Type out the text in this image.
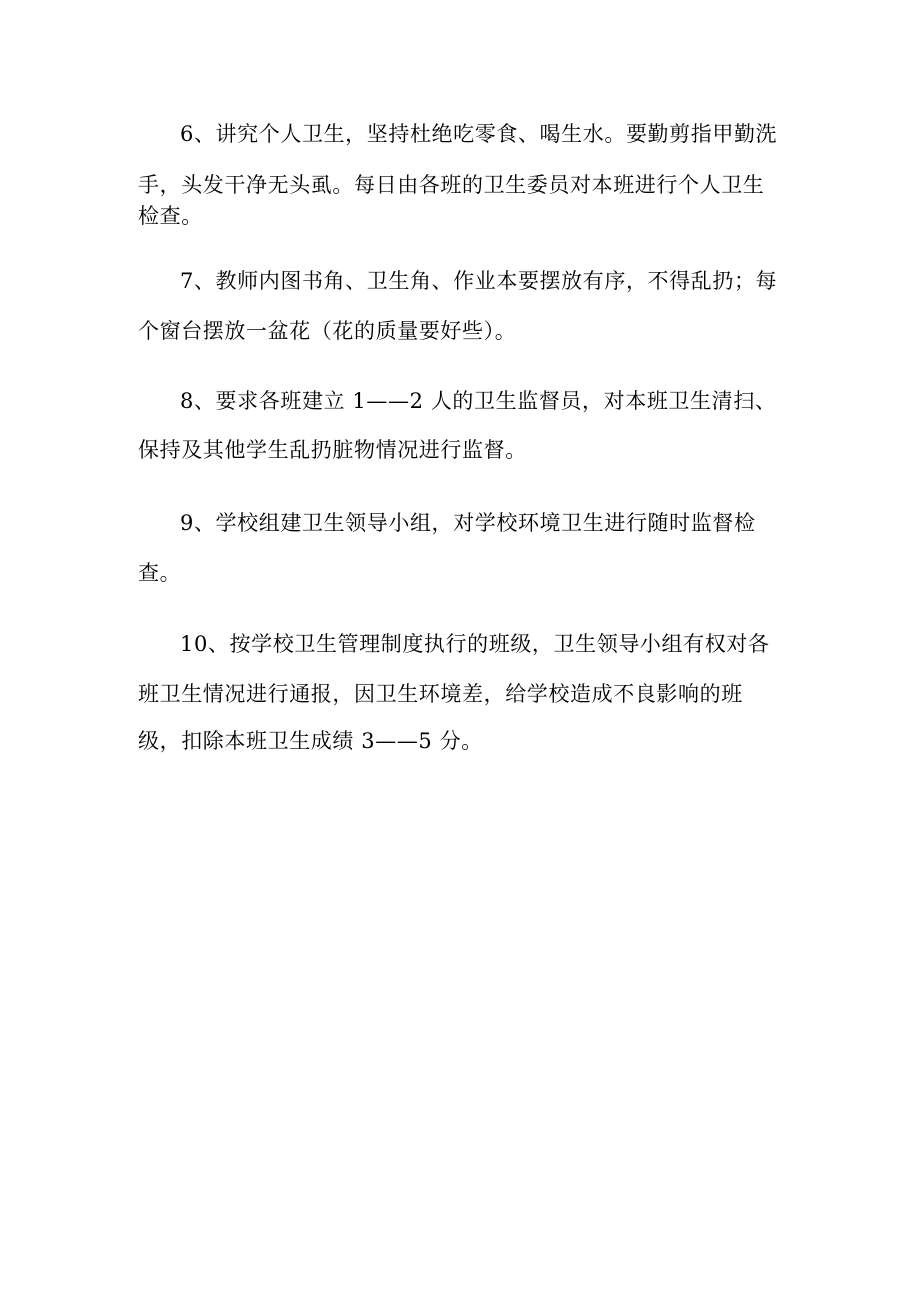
6、讲究个人卫生，坚持杜绝吃零食、喝生水。要勤剪指甲勤洗
手，头发干净无头虱。每日由各班的卫生委员对本班进行个人卫生
检查。
7、教师内图书角、卫生角、作业本要摆放有序，不得乱扔；每
个窗台摆放一盆花（花的质量要好些）。
8、要求各班建立 1——2 人的卫生监督员，对本班卫生清扫、
保持及其他学生乱扔脏物情况进行监督。
9、学校组建卫生领导小组，对学校环境卫生进行随时监督检
查。
10、按学校卫生管理制度执行的班级，卫生领导小组有权对各
班卫生情况进行通报，因卫生环境差，给学校造成不良影响的班
级，扣除本班卫生成绩 3——5 分。
